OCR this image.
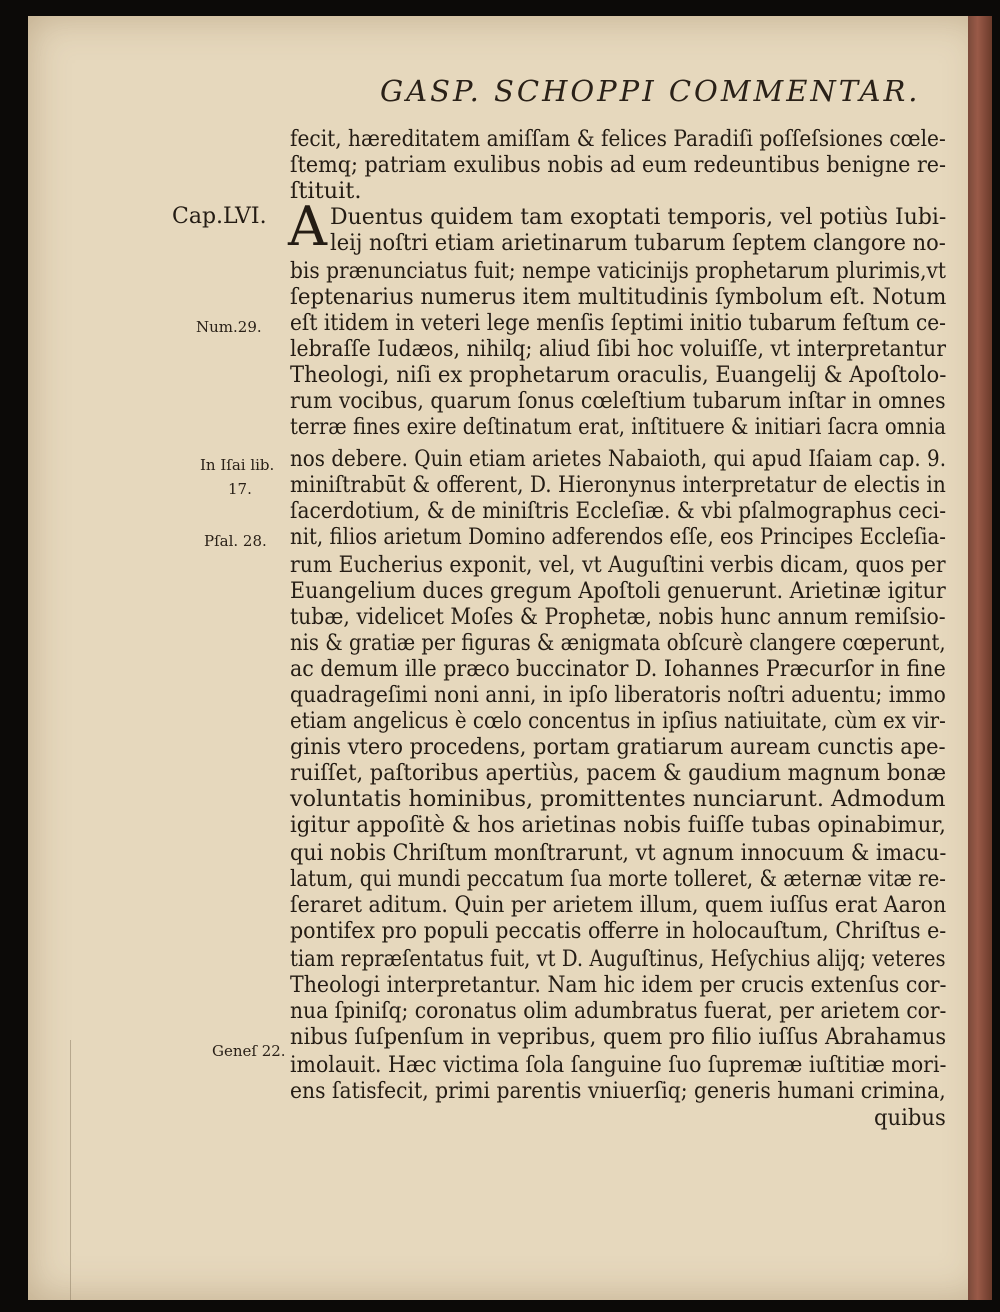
GASP. SCHOPPI COMMENTAR.
Cap.LVI. A
Num.29.
In Iſai lib.
17.
Pſal. 28.
Geneſ 22.
fecit, hæreditatem amiſſam & felices Paradiſi poſſeſsiones cœle-
ſtemq; patriam exulibus nobis ad eum redeuntibus benigne re-
ſtituit.
Duentus quidem tam exoptati temporis, vel potiùs Iubi-
leij noſtri etiam arietinarum tubarum ſeptem clangore no-
bis prænunciatus fuit; nempe vaticinijs prophetarum plurimis,vt
ſeptenarius numerus item multitudinis ſymbolum eſt. Notum
eſt itidem in veteri lege menſis ſeptimi initio tubarum feſtum ce-
lebraſſe Iudæos, nihilq; aliud ſibi hoc voluiſſe, vt interpretantur
Theologi, niſi ex prophetarum oraculis, Euangelij & Apoſtolo-
rum vocibus, quarum ſonus cœleſtium tubarum inſtar in omnes
terræ fines exire deſtinatum erat, inſtituere & initiari ſacra omnia
nos debere. Quin etiam arietes Nabaioth, qui apud Iſaiam cap. 9.
miniſtrabūt & offerent, D. Hieronynus interpretatur de electis in
ſacerdotium, & de miniſtris Eccleſiæ. & vbi pſalmographus ceci-
nit, filios arietum Domino adferendos eſſe, eos Principes Eccleſia-
rum Eucherius exponit, vel, vt Auguſtini verbis dicam, quos per
Euangelium duces gregum Apoſtoli genuerunt. Arietinæ igitur
tubæ, videlicet Moſes & Prophetæ, nobis hunc annum remiſsio-
nis & gratiæ per figuras & ænigmata obſcurè clangere cœperunt,
ac demum ille præco buccinator D. Iohannes Præcurſor in fine
quadrageſimi noni anni, in ipſo liberatoris noſtri aduentu; immo
etiam angelicus è cœlo concentus in ipſius natiuitate, cùm ex vir-
ginis vtero procedens, portam gratiarum auream cunctis ape-
ruiſſet, paſtoribus apertiùs, pacem & gaudium magnum bonæ
voluntatis hominibus, promittentes nunciarunt. Admodum
igitur appoſitè & hos arietinas nobis fuiſſe tubas opinabimur,
qui nobis Chriſtum monſtrarunt, vt agnum innocuum & imacu-
latum, qui mundi peccatum ſua morte tolleret, & æternæ vitæ re-
ſeraret aditum. Quin per arietem illum, quem iuſſus erat Aaron
pontifex pro populi peccatis offerre in holocauſtum, Chriſtus e-
tiam repræſentatus fuit, vt D. Auguſtinus, Heſychius alijq; veteres
Theologi interpretantur. Nam hic idem per crucis extenſus cor-
nua ſpiniſq; coronatus olim adumbratus fuerat, per arietem cor-
nibus ſuſpenſum in vepribus, quem pro filio iuſſus Abrahamus
imolauit. Hæc victima ſola ſanguine ſuo ſupremæ iuſtitiæ mori-
ens ſatisfecit, primi parentis vniuerſiq; generis humani crimina,
quibus
